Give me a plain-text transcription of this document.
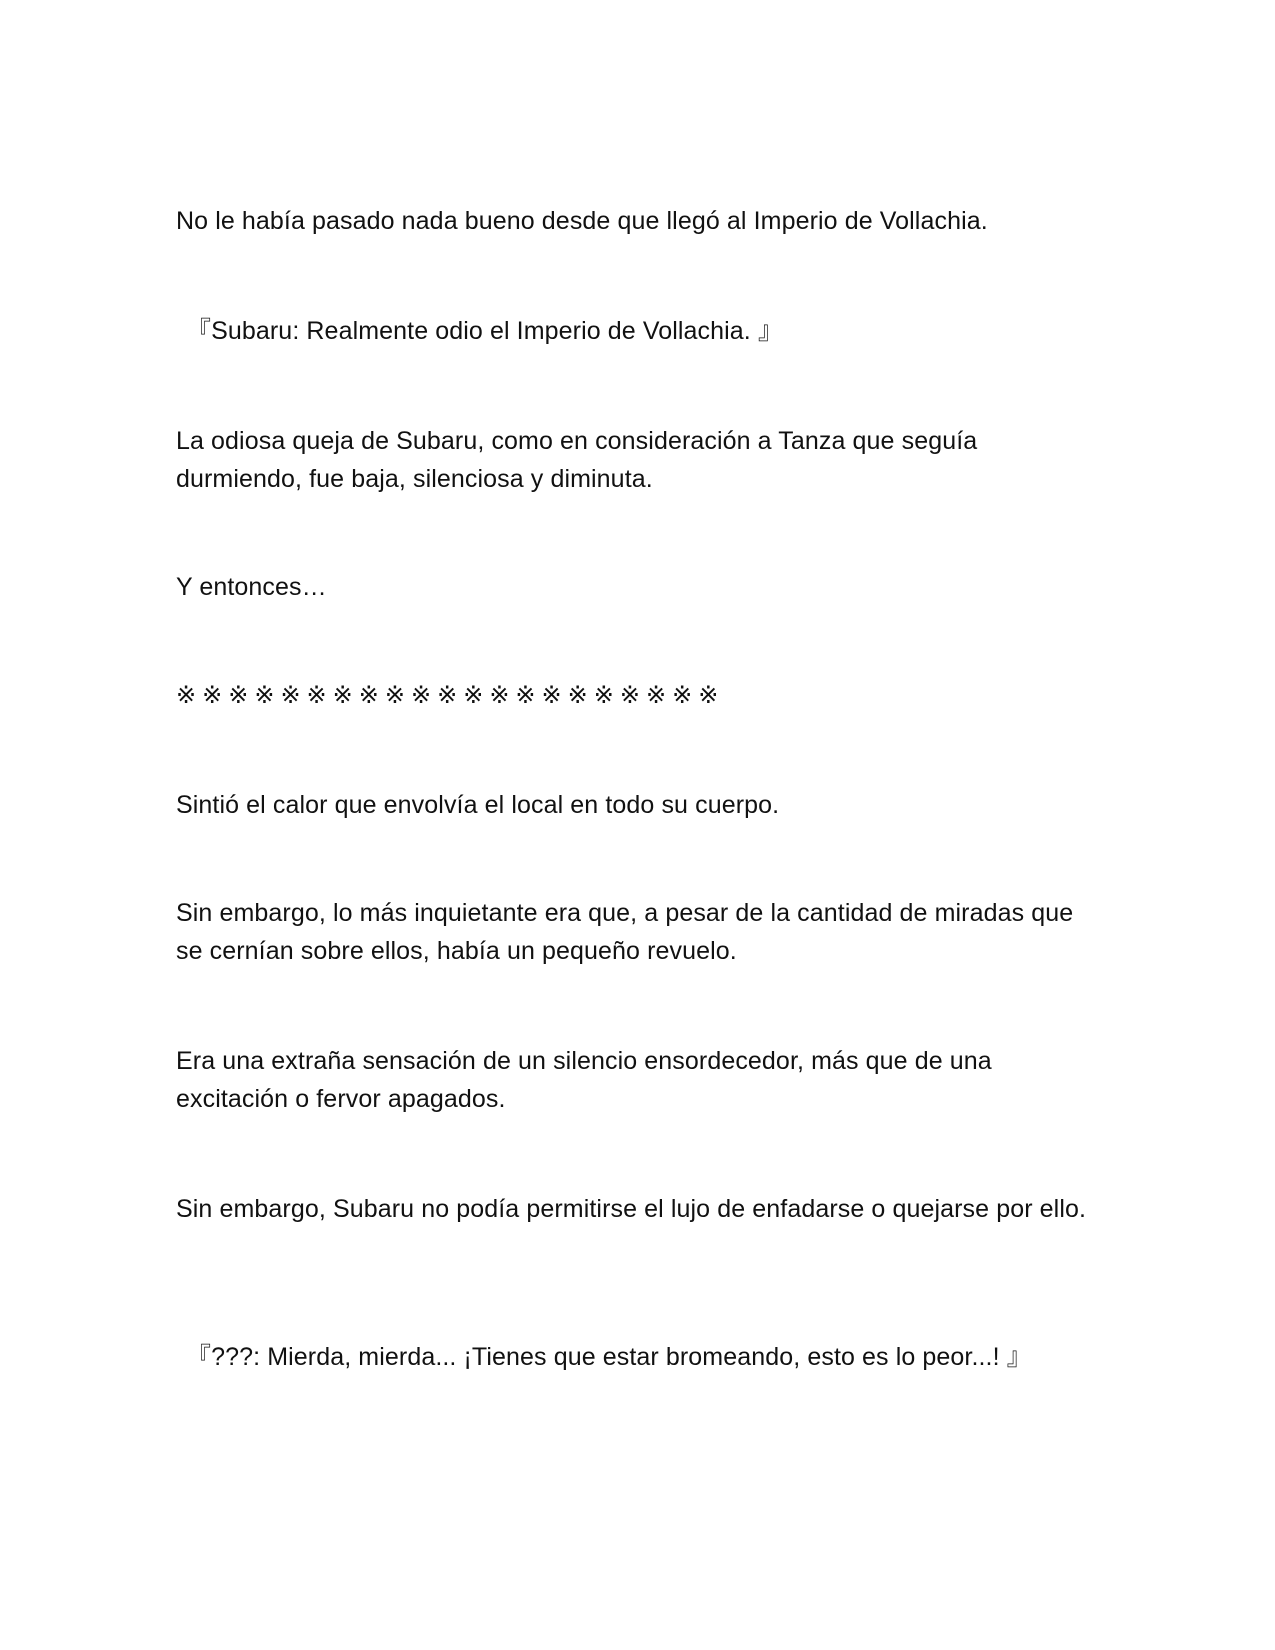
No le había pasado nada bueno desde que llegó al Imperio de Vollachia.

『Subaru: Realmente odio el Imperio de Vollachia. 』

La odiosa queja de Subaru, como en consideración a Tanza que seguía durmiendo, fue baja, silenciosa y diminuta.

Y entonces…

※※※※※※※※※※※※※※※※※※※※※

Sintió el calor que envolvía el local en todo su cuerpo.

Sin embargo, lo más inquietante era que, a pesar de la cantidad de miradas que se cernían sobre ellos, había un pequeño revuelo.

Era una extraña sensación de un silencio ensordecedor, más que de una excitación o fervor apagados.

Sin embargo, Subaru no podía permitirse el lujo de enfadarse o quejarse por ello.

『???: Mierda, mierda... ¡Tienes que estar bromeando, esto es lo peor...! 』
